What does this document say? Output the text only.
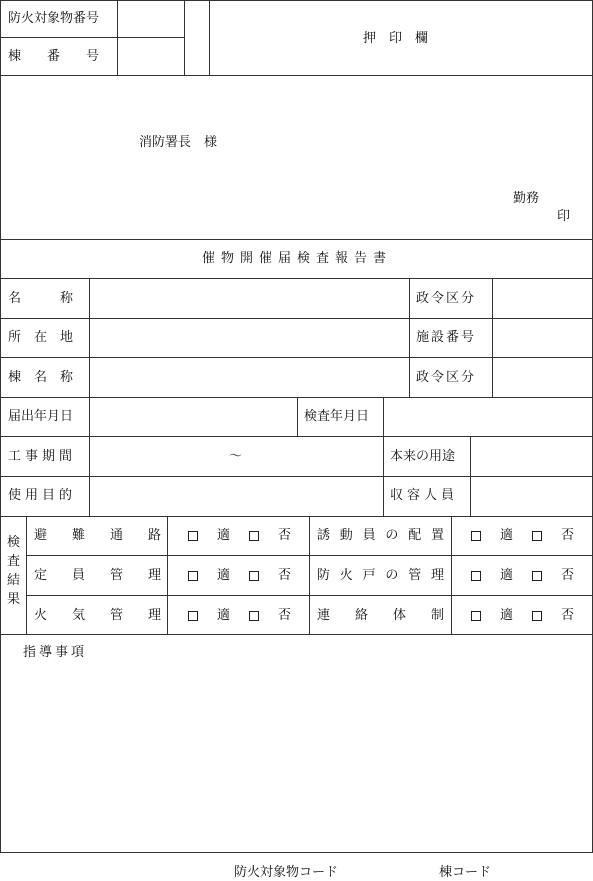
防火対象物番号
棟　　番　　号
押　印　欄
消防署長　様
勤務
印
催物開催届検査報告書
名　　　称	政令区分
所　在　地	施設番号
棟　名　称	政令区分
届出年月日	検査年月日
工事期間	～	本来の用途
使用目的	収容人員
検査結果
避 難 通 路	適	否 誘 動 員 の 配 置	適	否
定 員 管 理	適	否 防 火 戸 の 管 理	適	否
火 気 管 理	適	否 連 絡 体 制	適	否
指導事項
防火対象物コード	棟コード
